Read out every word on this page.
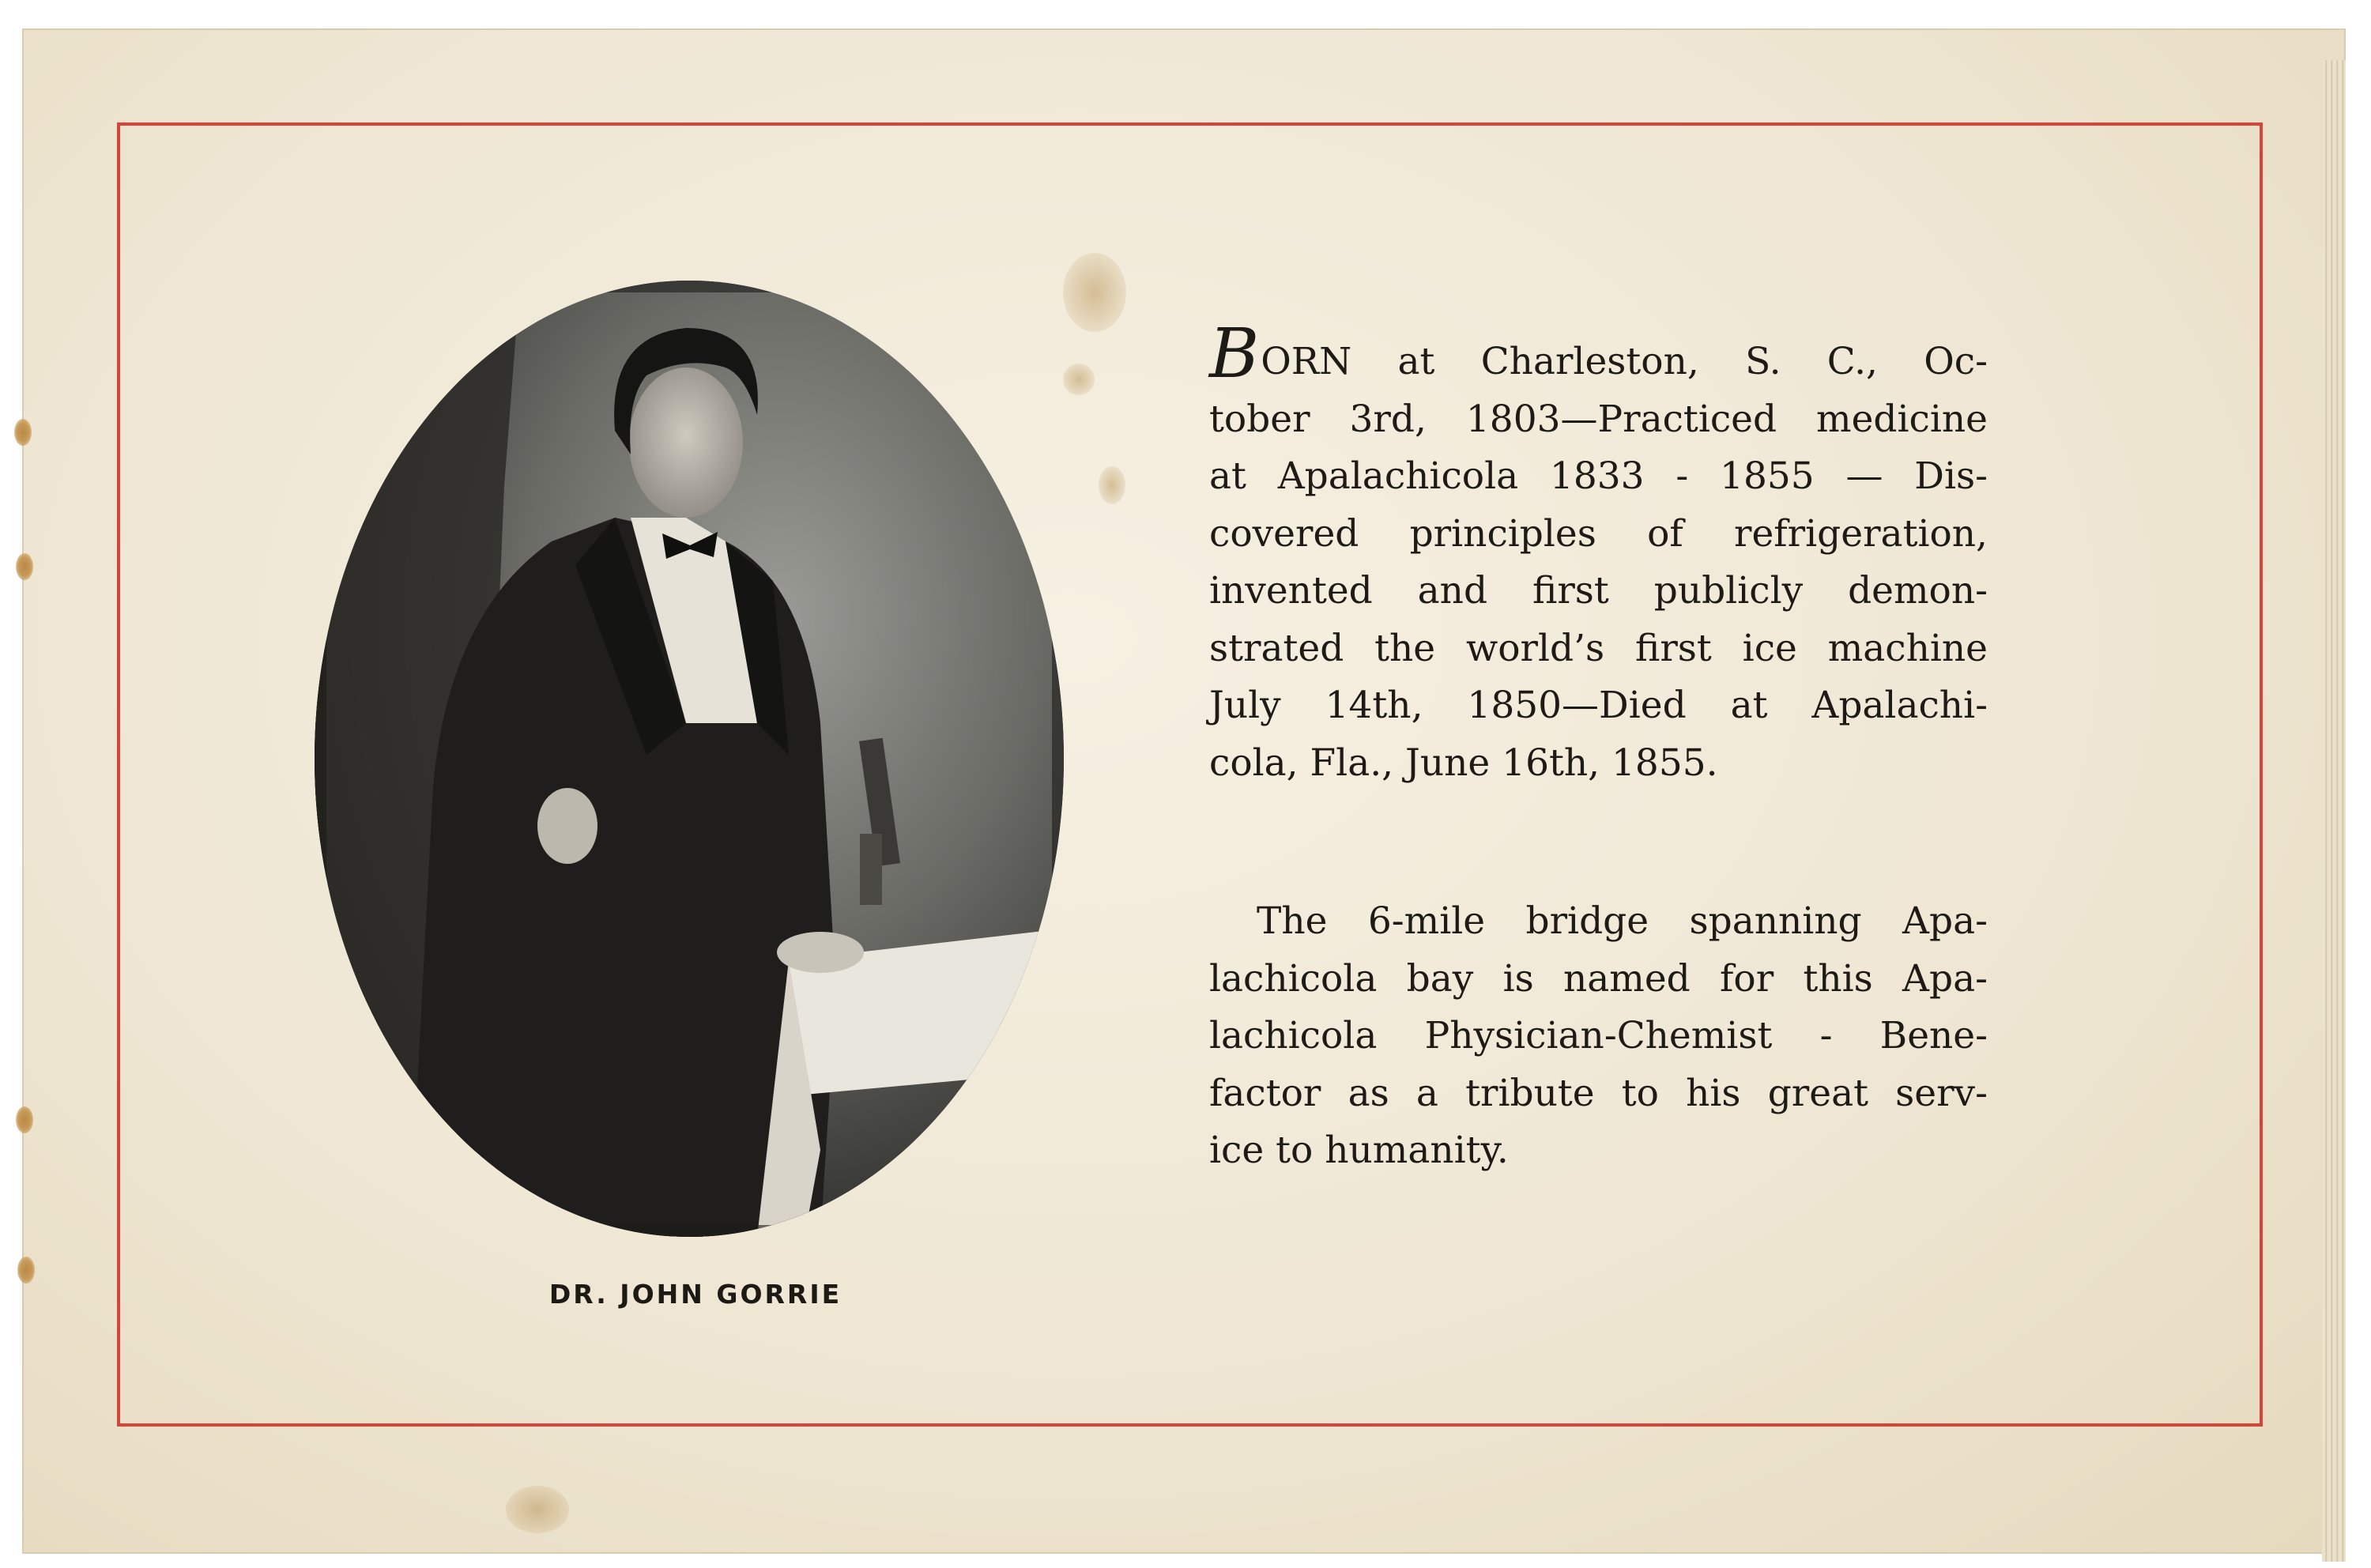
DR. JOHN GORRIE
BORN at Charleston, S. C., Oc-
tober 3rd, 1803—Practiced medicine
at Apalachicola 1833 - 1855 — Dis-
covered principles of refrigeration,
invented and first publicly demon-
strated the world’s first ice machine
July 14th, 1850—Died at Apalachi-
cola, Fla., June 16th, 1855.
The 6-mile bridge spanning Apa-
lachicola bay is named for this Apa-
lachicola Physician-Chemist - Bene-
factor as a tribute to his great serv-
ice to humanity.
